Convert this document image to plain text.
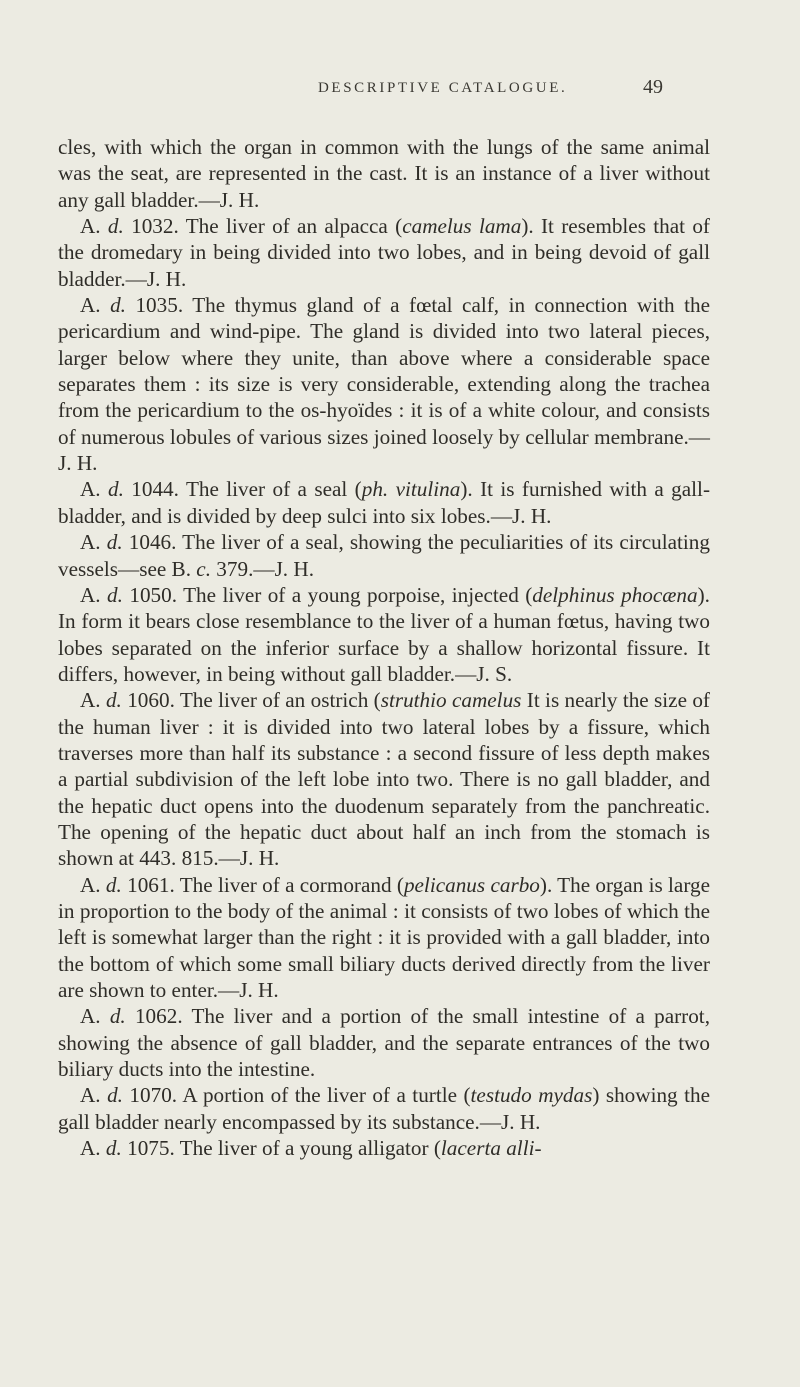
DESCRIPTIVE CATALOGUE.	49

cles, with which the organ in common with the lungs of the same animal was the seat, are represented in the cast. It is an instance of a liver without any gall bladder.—J. H.

A. d. 1032. The liver of an alpacca (camelus lama). It resembles that of the dromedary in being divided into two lobes, and in being devoid of gall bladder.—J. H.

A. d. 1035. The thymus gland of a fœtal calf, in connection with the pericardium and wind-pipe. The gland is divided into two lateral pieces, larger below where they unite, than above where a considerable space separates them : its size is very considerable, extending along the trachea from the pericardium to the os-hyoïdes : it is of a white colour, and consists of numerous lobules of various sizes joined loosely by cellular membrane.—J. H.

A. d. 1044. The liver of a seal (ph. vitulina). It is furnished with a gall-bladder, and is divided by deep sulci into six lobes.—J. H.

A. d. 1046. The liver of a seal, showing the peculiarities of its circulating vessels—see B. c. 379.—J. H.

A. d. 1050. The liver of a young porpoise, injected (delphinus phocæna). In form it bears close resemblance to the liver of a human fœtus, having two lobes separated on the inferior surface by a shallow horizontal fissure. It differs, however, in being without gall bladder.—J. S.

A. d. 1060. The liver of an ostrich (struthio camelus It is nearly the size of the human liver : it is divided into two lateral lobes by a fissure, which traverses more than half its substance : a second fissure of less depth makes a partial subdivision of the left lobe into two. There is no gall bladder, and the hepatic duct opens into the duodenum separately from the panchreatic. The opening of the hepatic duct about half an inch from the stomach is shown at 443. 815.—J. H.

A. d. 1061. The liver of a cormorand (pelicanus carbo). The organ is large in proportion to the body of the animal : it consists of two lobes of which the left is somewhat larger than the right : it is provided with a gall bladder, into the bottom of which some small biliary ducts derived directly from the liver are shown to enter.—J. H.

A. d. 1062. The liver and a portion of the small intestine of a parrot, showing the absence of gall bladder, and the separate entrances of the two biliary ducts into the intestine.

A. d. 1070. A portion of the liver of a turtle (testudo mydas) showing the gall bladder nearly encompassed by its substance.—J. H.

A. d. 1075. The liver of a young alligator (lacerta alli-
